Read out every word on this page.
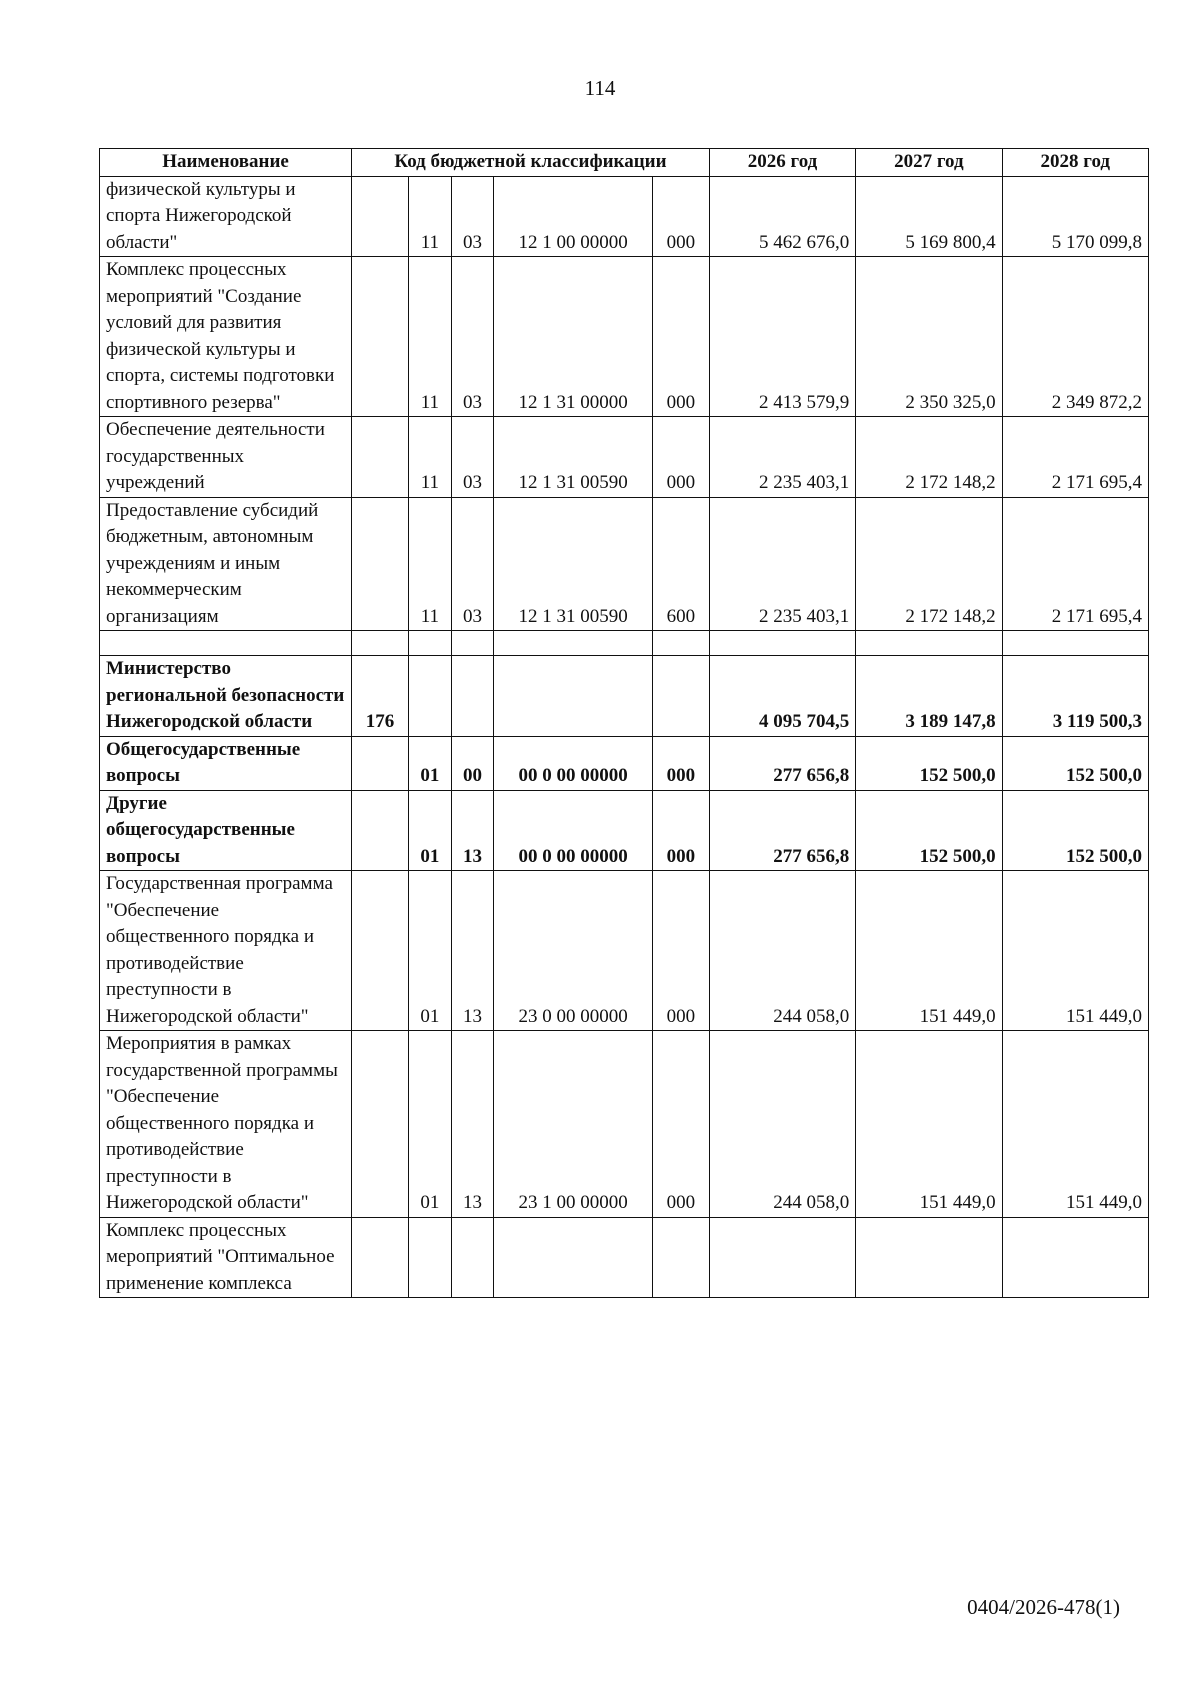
114
Наименование	Код бюджетной классификации					2026 год	2027 год	2028 год
физической культуры и спорта Нижегородской области"		11	03	12 1 00 00000	000	5 462 676,0	5 169 800,4	5 170 099,8
Комплекс процессных мероприятий "Создание условий для развития физической культуры и спорта, системы подготовки спортивного резерва"		11	03	12 1 31 00000	000	2 413 579,9	2 350 325,0	2 349 872,2
Обеспечение деятельности государственных учреждений		11	03	12 1 31 00590	000	2 235 403,1	2 172 148,2	2 171 695,4
Предоставление субсидий бюджетным, автономным учреждениям и иным некоммерческим организациям		11	03	12 1 31 00590	600	2 235 403,1	2 172 148,2	2 171 695,4

Министерство региональной безопасности Нижегородской области	176					4 095 704,5	3 189 147,8	3 119 500,3
Общегосударственные вопросы		01	00	00 0 00 00000	000	277 656,8	152 500,0	152 500,0
Другие общегосударственные вопросы		01	13	00 0 00 00000	000	277 656,8	152 500,0	152 500,0
Государственная программа "Обеспечение общественного порядка и противодействие преступности в Нижегородской области"		01	13	23 0 00 00000	000	244 058,0	151 449,0	151 449,0
Мероприятия в рамках государственной программы "Обеспечение общественного порядка и противодействие преступности в Нижегородской области"		01	13	23 1 00 00000	000	244 058,0	151 449,0	151 449,0
Комплекс процессных мероприятий "Оптимальное применение комплекса								
0404/2026-478(1)
